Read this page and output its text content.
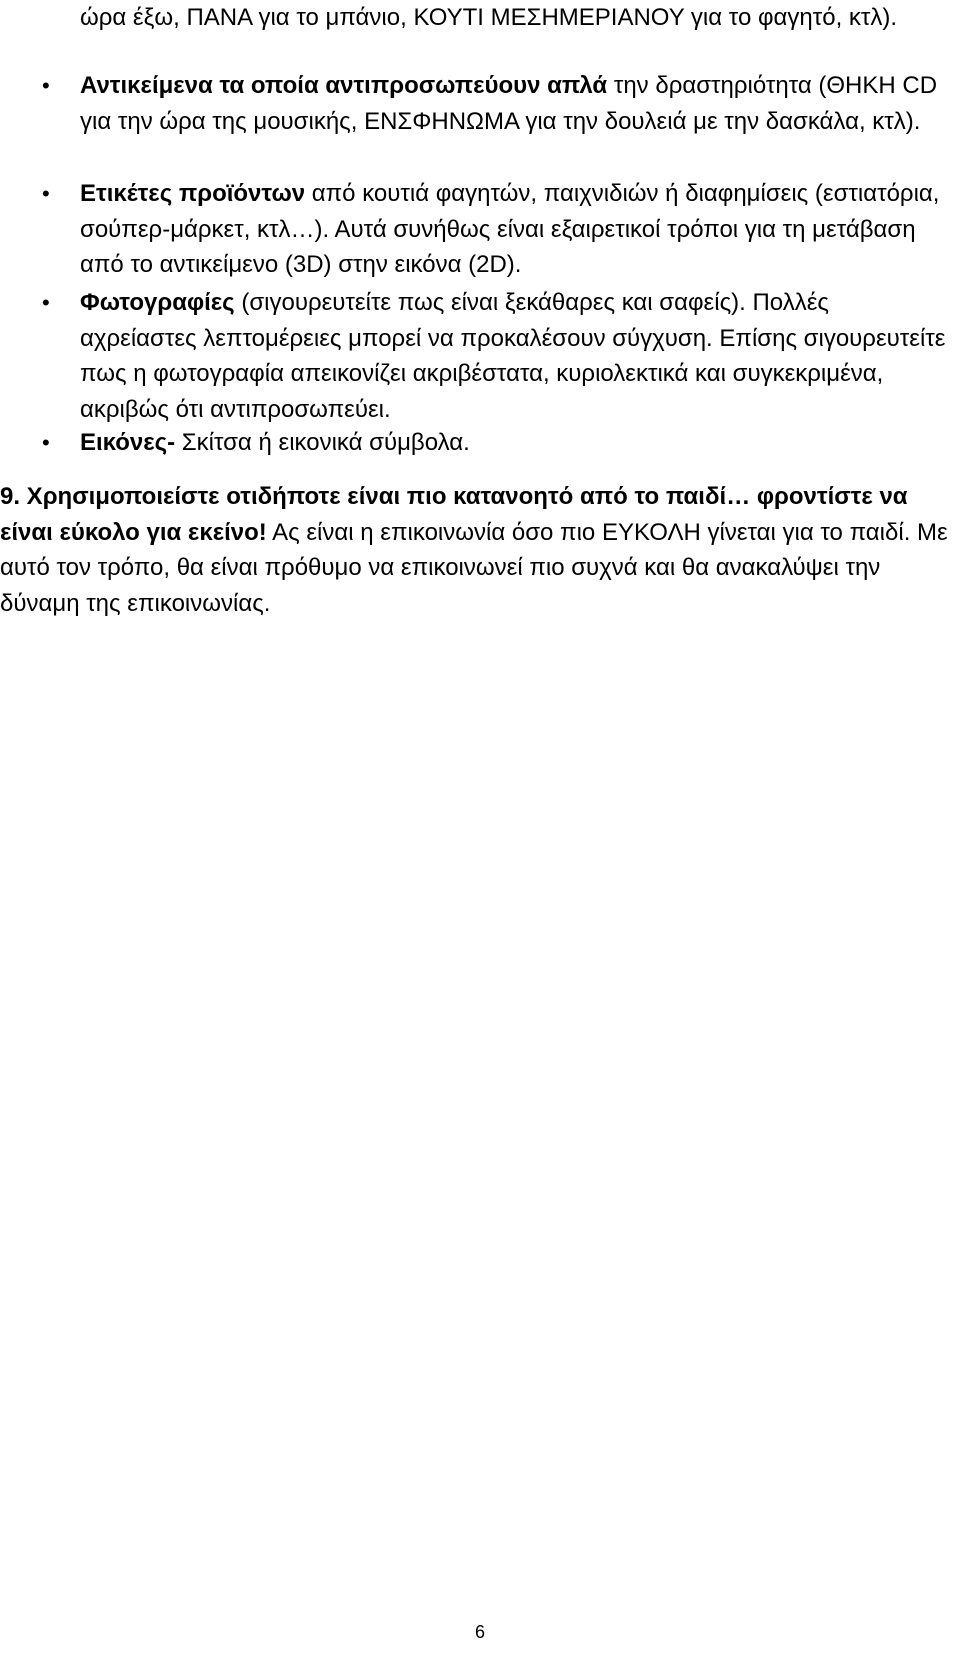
ώρα έξω, ΠΑΝΑ για το μπάνιο, ΚΟΥΤΙ ΜΕΣΗΜΕΡΙΑΝΟΥ για το φαγητό, κτλ).
• Αντικείμενα τα οποία αντιπροσωπεύουν απλά την δραστηριότητα (ΘΗΚΗ CD για την ώρα της μουσικής, ΕΝΣΦΗΝΩΜΑ για την δουλειά με την δασκάλα, κτλ).
• Ετικέτες προϊόντων από κουτιά φαγητών, παιχνιδιών ή διαφημίσεις (εστιατόρια, σούπερ-μάρκετ, κτλ…). Αυτά συνήθως είναι εξαιρετικοί τρόποι για τη μετάβαση από το αντικείμενο (3D) στην εικόνα (2D).
• Φωτογραφίες (σιγουρευτείτε πως είναι ξεκάθαρες και σαφείς). Πολλές αχρείαστες λεπτομέρειες μπορεί να προκαλέσουν σύγχυση. Επίσης σιγουρευτείτε πως η φωτογραφία απεικονίζει ακριβέστατα, κυριολεκτικά και συγκεκριμένα, ακριβώς ότι αντιπροσωπεύει.
• Εικόνες- Σκίτσα ή εικονικά σύμβολα.
9. Χρησιμοποιείστε οτιδήποτε είναι πιο κατανοητό από το παιδί… φροντίστε να είναι εύκολο για εκείνο! Ας είναι η επικοινωνία όσο πιο ΕΥΚΟΛΗ γίνεται για το παιδί. Με αυτό τον τρόπο, θα είναι πρόθυμο να επικοινωνεί πιο συχνά και θα ανακαλύψει την δύναμη της επικοινωνίας.
6
